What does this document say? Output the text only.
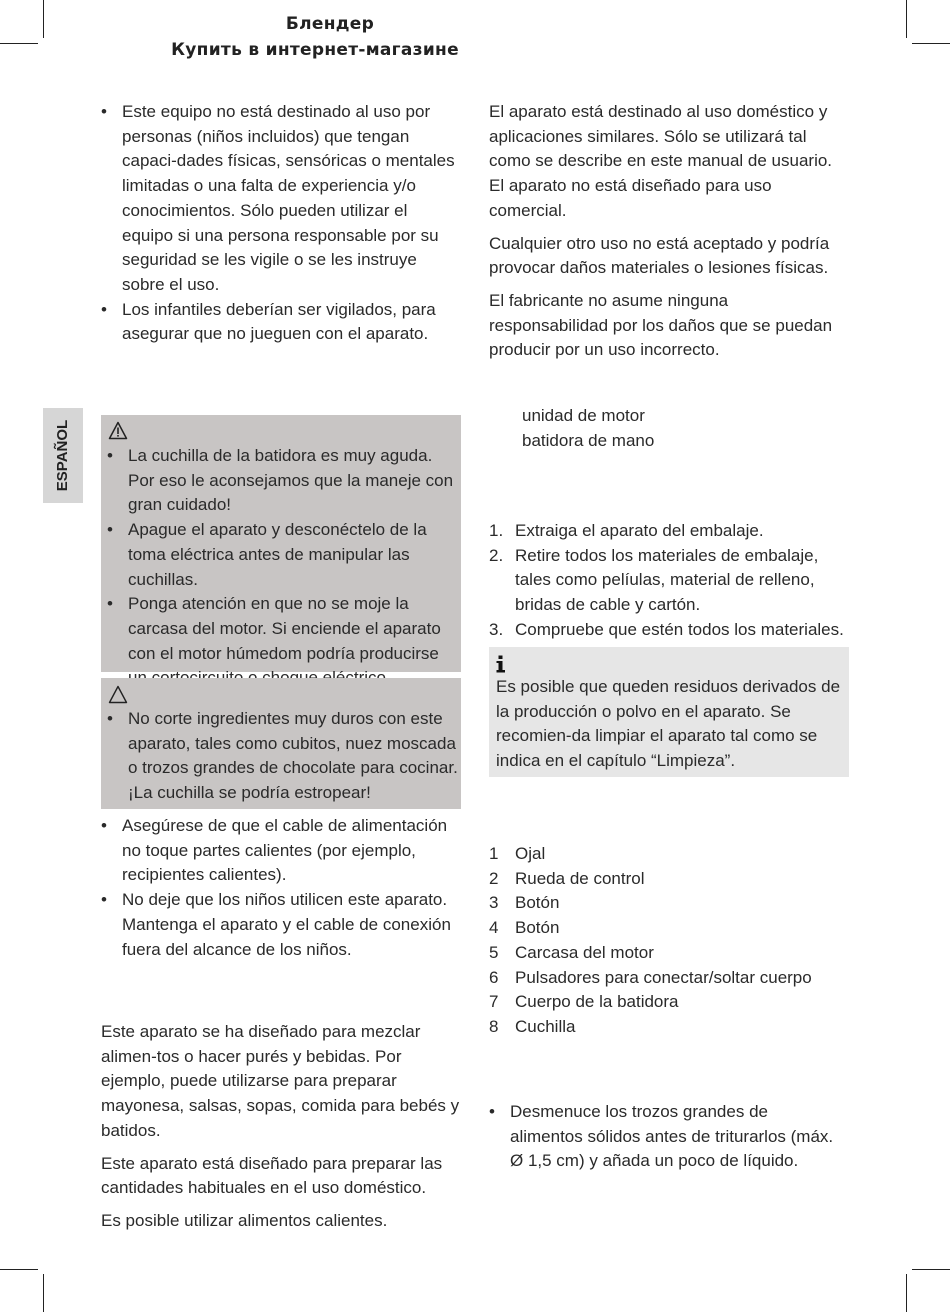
Блендер
Купить в интернет-магазине
ESPAÑOL
• Este equipo no está destinado al uso por personas (niños incluidos) que tengan capaci-dades físicas, sensóricas o mentales limitadas o una falta de experiencia y/o conocimientos. Sólo pueden utilizar el equipo si una persona responsable por su seguridad se les vigile o se les instruye sobre el uso.
• Los infantiles deberían ser vigilados, para asegurar que no jueguen con el aparato.

El aparato está destinado al uso doméstico y aplicaciones similares. Sólo se utilizará tal como se describe en este manual de usuario. El aparato no está diseñado para uso comercial.

Cualquier otro uso no está aceptado y podría provocar daños materiales o lesiones físicas.

El fabricante no asume ninguna responsabilidad por los daños que se puedan producir por un uso incorrecto.

• La cuchilla de la batidora es muy aguda. Por eso le aconsejamos que la maneje con gran cuidado!
• Apague el aparato y desconéctelo de la toma eléctrica antes de manipular las cuchillas.
• Ponga atención en que no se moje la carcasa del motor. Si enciende el aparato con el motor húmedom podría producirse
• No corte ingredientes muy duros con este aparato, tales como cubitos, nuez moscada o trozos grandes de chocolate para cocinar. ¡La cuchilla se podría estropear!
• Asegúrese de que el cable de alimentación no toque partes calientes (por ejemplo, recipientes calientes).
• No deje que los niños utilicen este aparato. Mantenga el aparato y el cable de conexión fuera del alcance de los niños.

Este aparato se ha diseñado para mezclar alimen-tos o hacer purés y bebidas. Por ejemplo, puede utilizarse para preparar mayonesa, salsas, sopas, comida para bebés y batidos.

Este aparato está diseñado para preparar las cantidades habituales en el uso doméstico.

Es posible utilizar alimentos calientes.

unidad de motor
batidora de mano
1. Extraiga el aparato del embalaje.
2. Retire todos los materiales de embalaje, tales como pelíulas, material de relleno, bridas de cable y cartón.
3. Compruebe que estén todos los materiales.

Es posible que queden residuos derivados de la producción o polvo en el aparato. Se recomien-da limpiar el aparato tal como se indica en el capítulo “Limpieza”.

1 Ojal
2 Rueda de control
3 Botón
4 Botón
5 Carcasa del motor
6 Pulsadores para conectar/soltar cuerpo
7 Cuerpo de la batidora
8 Cuchilla
• Desmenuce los trozos grandes de alimentos sólidos antes de triturarlos (máx. Ø 1,5 cm) y añada un poco de líquido.
